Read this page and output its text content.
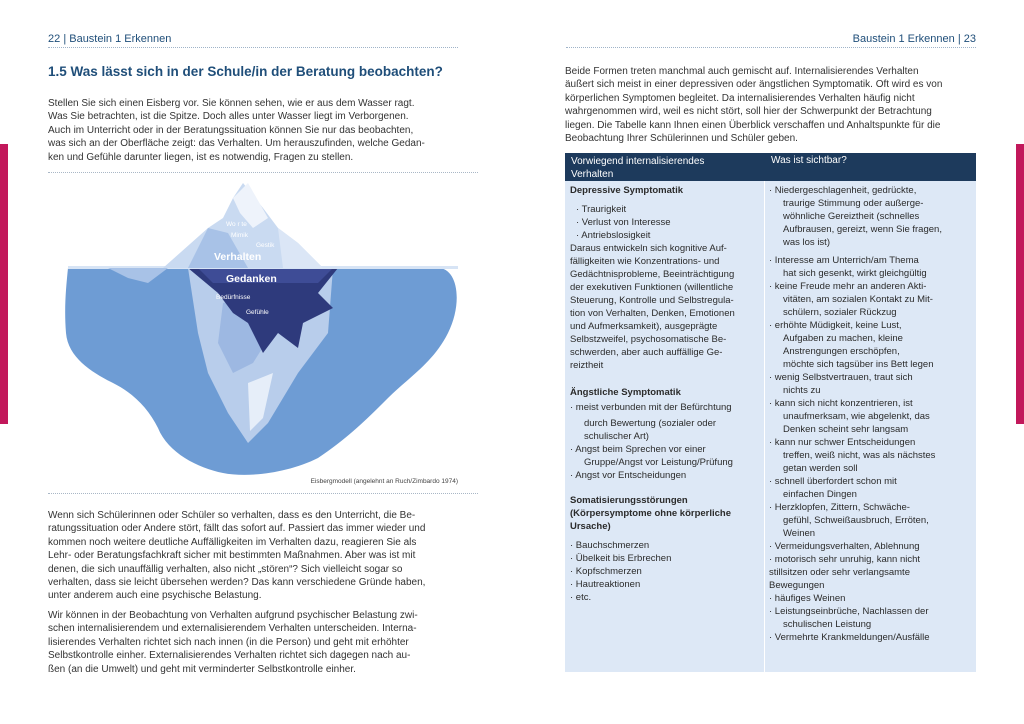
22 | Baustein 1 Erkennen
1.5 Was lässt sich in der Schule/in der Beratung beobachten?
Stellen Sie sich einen Eisberg vor. Sie können sehen, wie er aus dem Wasser ragt.
Was Sie betrachten, ist die Spitze. Doch alles unter Wasser liegt im Verborgenen.
Auch im Unterricht oder in der Beratungssituation können Sie nur das beobachten,
was sich an der Oberfläche zeigt: das Verhalten. Um herauszufinden, welche Gedan-
ken und Gefühle darunter liegen, ist es notwendig, Fragen zu stellen.
Wo r te
Mimik
Gestik
Verhalten
Gedanken
Bedürfnisse
Gefühle
Eisbergmodell (angelehnt an Ruch/Zimbardo 1974)
Wenn sich Schülerinnen oder Schüler so verhalten, dass es den Unterricht, die Be-
ratungssituation oder Andere stört, fällt das sofort auf. Passiert das immer wieder und
kommen noch weitere deutliche Auffälligkeiten im Verhalten dazu, reagieren Sie als
Lehr- oder Beratungsfachkraft sicher mit bestimmten Maßnahmen. Aber was ist mit
denen, die sich unauffällig verhalten, also nicht „stören“? Sich vielleicht sogar so
verhalten, dass sie leicht übersehen werden? Das kann verschiedene Gründe haben,
unter anderem auch eine psychische Belastung.
Wir können in der Beobachtung von Verhalten aufgrund psychischer Belastung zwi-
schen internalisierendem und externalisierendem Verhalten unterscheiden. Interna-
lisierendes Verhalten richtet sich nach innen (in die Person) und geht mit erhöhter
Selbstkontrolle einher. Externalisierendes Verhalten richtet sich dagegen nach au-
ßen (an die Umwelt) und geht mit verminderter Selbstkontrolle einher.
Baustein 1 Erkennen | 23
Beide Formen treten manchmal auch gemischt auf. Internalisierendes Verhalten
äußert sich meist in einer depressiven oder ängstlichen Symptomatik. Oft wird es von
körperlichen Symptomen begleitet. Da internalisierendes Verhalten häufig nicht
wahrgenommen wird, weil es nicht stört, soll hier der Schwerpunkt der Betrachtung
liegen. Die Tabelle kann Ihnen einen Überblick verschaffen und Anhaltspunkte für die
Beobachtung Ihrer Schülerinnen und Schüler geben.
Vorwiegend internalisierendes
Verhalten
Was ist sichtbar?
Depressive Symptomatik
· Traurigkeit
· Verlust von Interesse
· Antriebslosigkeit
Daraus entwickeln sich kognitive Auf-
fälligkeiten wie Konzentrations- und
Gedächtnisprobleme, Beeinträchtigung
der exekutiven Funktionen (willentliche
Steuerung, Kontrolle und Selbstregula-
tion von Verhalten, Denken, Emotionen
und Aufmerksamkeit), ausgeprägte
Selbstzweifel, psychosomatische Be-
schwerden, aber auch auffällige Ge-
reiztheit
Ängstliche Symptomatik
· meist verbunden mit der Befürchtung
durch Bewertung (sozialer oder
schulischer Art)
· Angst beim Sprechen vor einer
Gruppe/Angst vor Leistung/Prüfung
· Angst vor Entscheidungen
Somatisierungsstörungen
(Körpersymptome ohne körperliche
Ursache)
· Bauchschmerzen
· Übelkeit bis Erbrechen
· Kopfschmerzen
· Hautreaktionen
· etc.
· Niedergeschlagenheit, gedrückte,
traurige Stimmung oder außerge-
wöhnliche Gereiztheit (schnelles
Aufbrausen, gereizt, wenn Sie fragen,
was los ist)
· Interesse am Unterrich/am Thema
hat sich gesenkt, wirkt gleichgültig
· keine Freude mehr an anderen Akti-
vitäten, am sozialen Kontakt zu Mit-
schülern, sozialer Rückzug
· erhöhte Müdigkeit, keine Lust,
Aufgaben zu machen, kleine
Anstrengungen erschöpfen,
möchte sich tagsüber ins Bett legen
· wenig Selbstvertrauen, traut sich
nichts zu
· kann sich nicht konzentrieren, ist
unaufmerksam, wie abgelenkt, das
Denken scheint sehr langsam
· kann nur schwer Entscheidungen
treffen, weiß nicht, was als nächstes
getan werden soll
· schnell überfordert schon mit
einfachen Dingen
· Herzklopfen, Zittern, Schwäche-
gefühl, Schweißausbruch, Erröten,
Weinen
· Vermeidungsverhalten, Ablehnung
· motorisch sehr unruhig, kann nicht
stillsitzen oder sehr verlangsamte
Bewegungen
· häufiges Weinen
· Leistungseinbrüche, Nachlassen der
schulischen Leistung
· Vermehrte Krankmeldungen/Ausfälle
